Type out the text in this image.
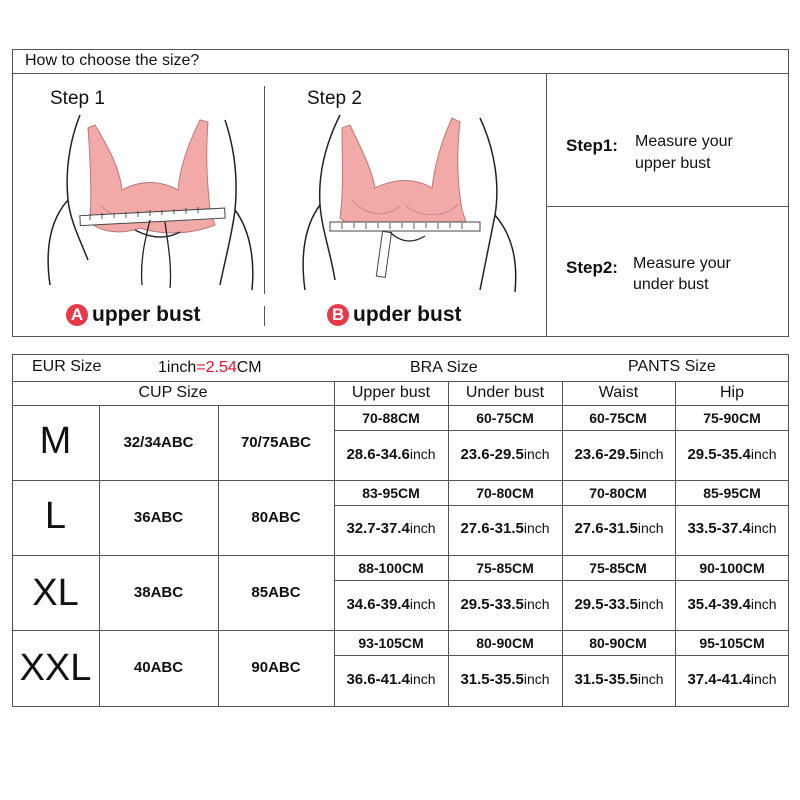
How to choose the size?
Step 1	Step 2
A upper bust	B upder bust
Step1: Measure your
upper bust
Step2: Measure your
under bust
EUR Size	1inch=2.54CM	BRA Size	PANTS Size
CUP Size	Upper bust	Under bust	Waist	Hip
M	32/34ABC	70/75ABC
70-88CM	60-75CM	60-75CM	75-90CM
28.6-34.6inch	23.6-29.5inch	23.6-29.5inch	29.5-35.4inch
L	36ABC	80ABC
83-95CM	70-80CM	70-80CM	85-95CM
32.7-37.4inch	27.6-31.5inch	27.6-31.5inch	33.5-37.4inch
XL	38ABC	85ABC
88-100CM	75-85CM	75-85CM	90-100CM
34.6-39.4inch	29.5-33.5inch	29.5-33.5inch	35.4-39.4inch
XXL	40ABC	90ABC
93-105CM	80-90CM	80-90CM	95-105CM
36.6-41.4inch	31.5-35.5inch	31.5-35.5inch	37.4-41.4inch
